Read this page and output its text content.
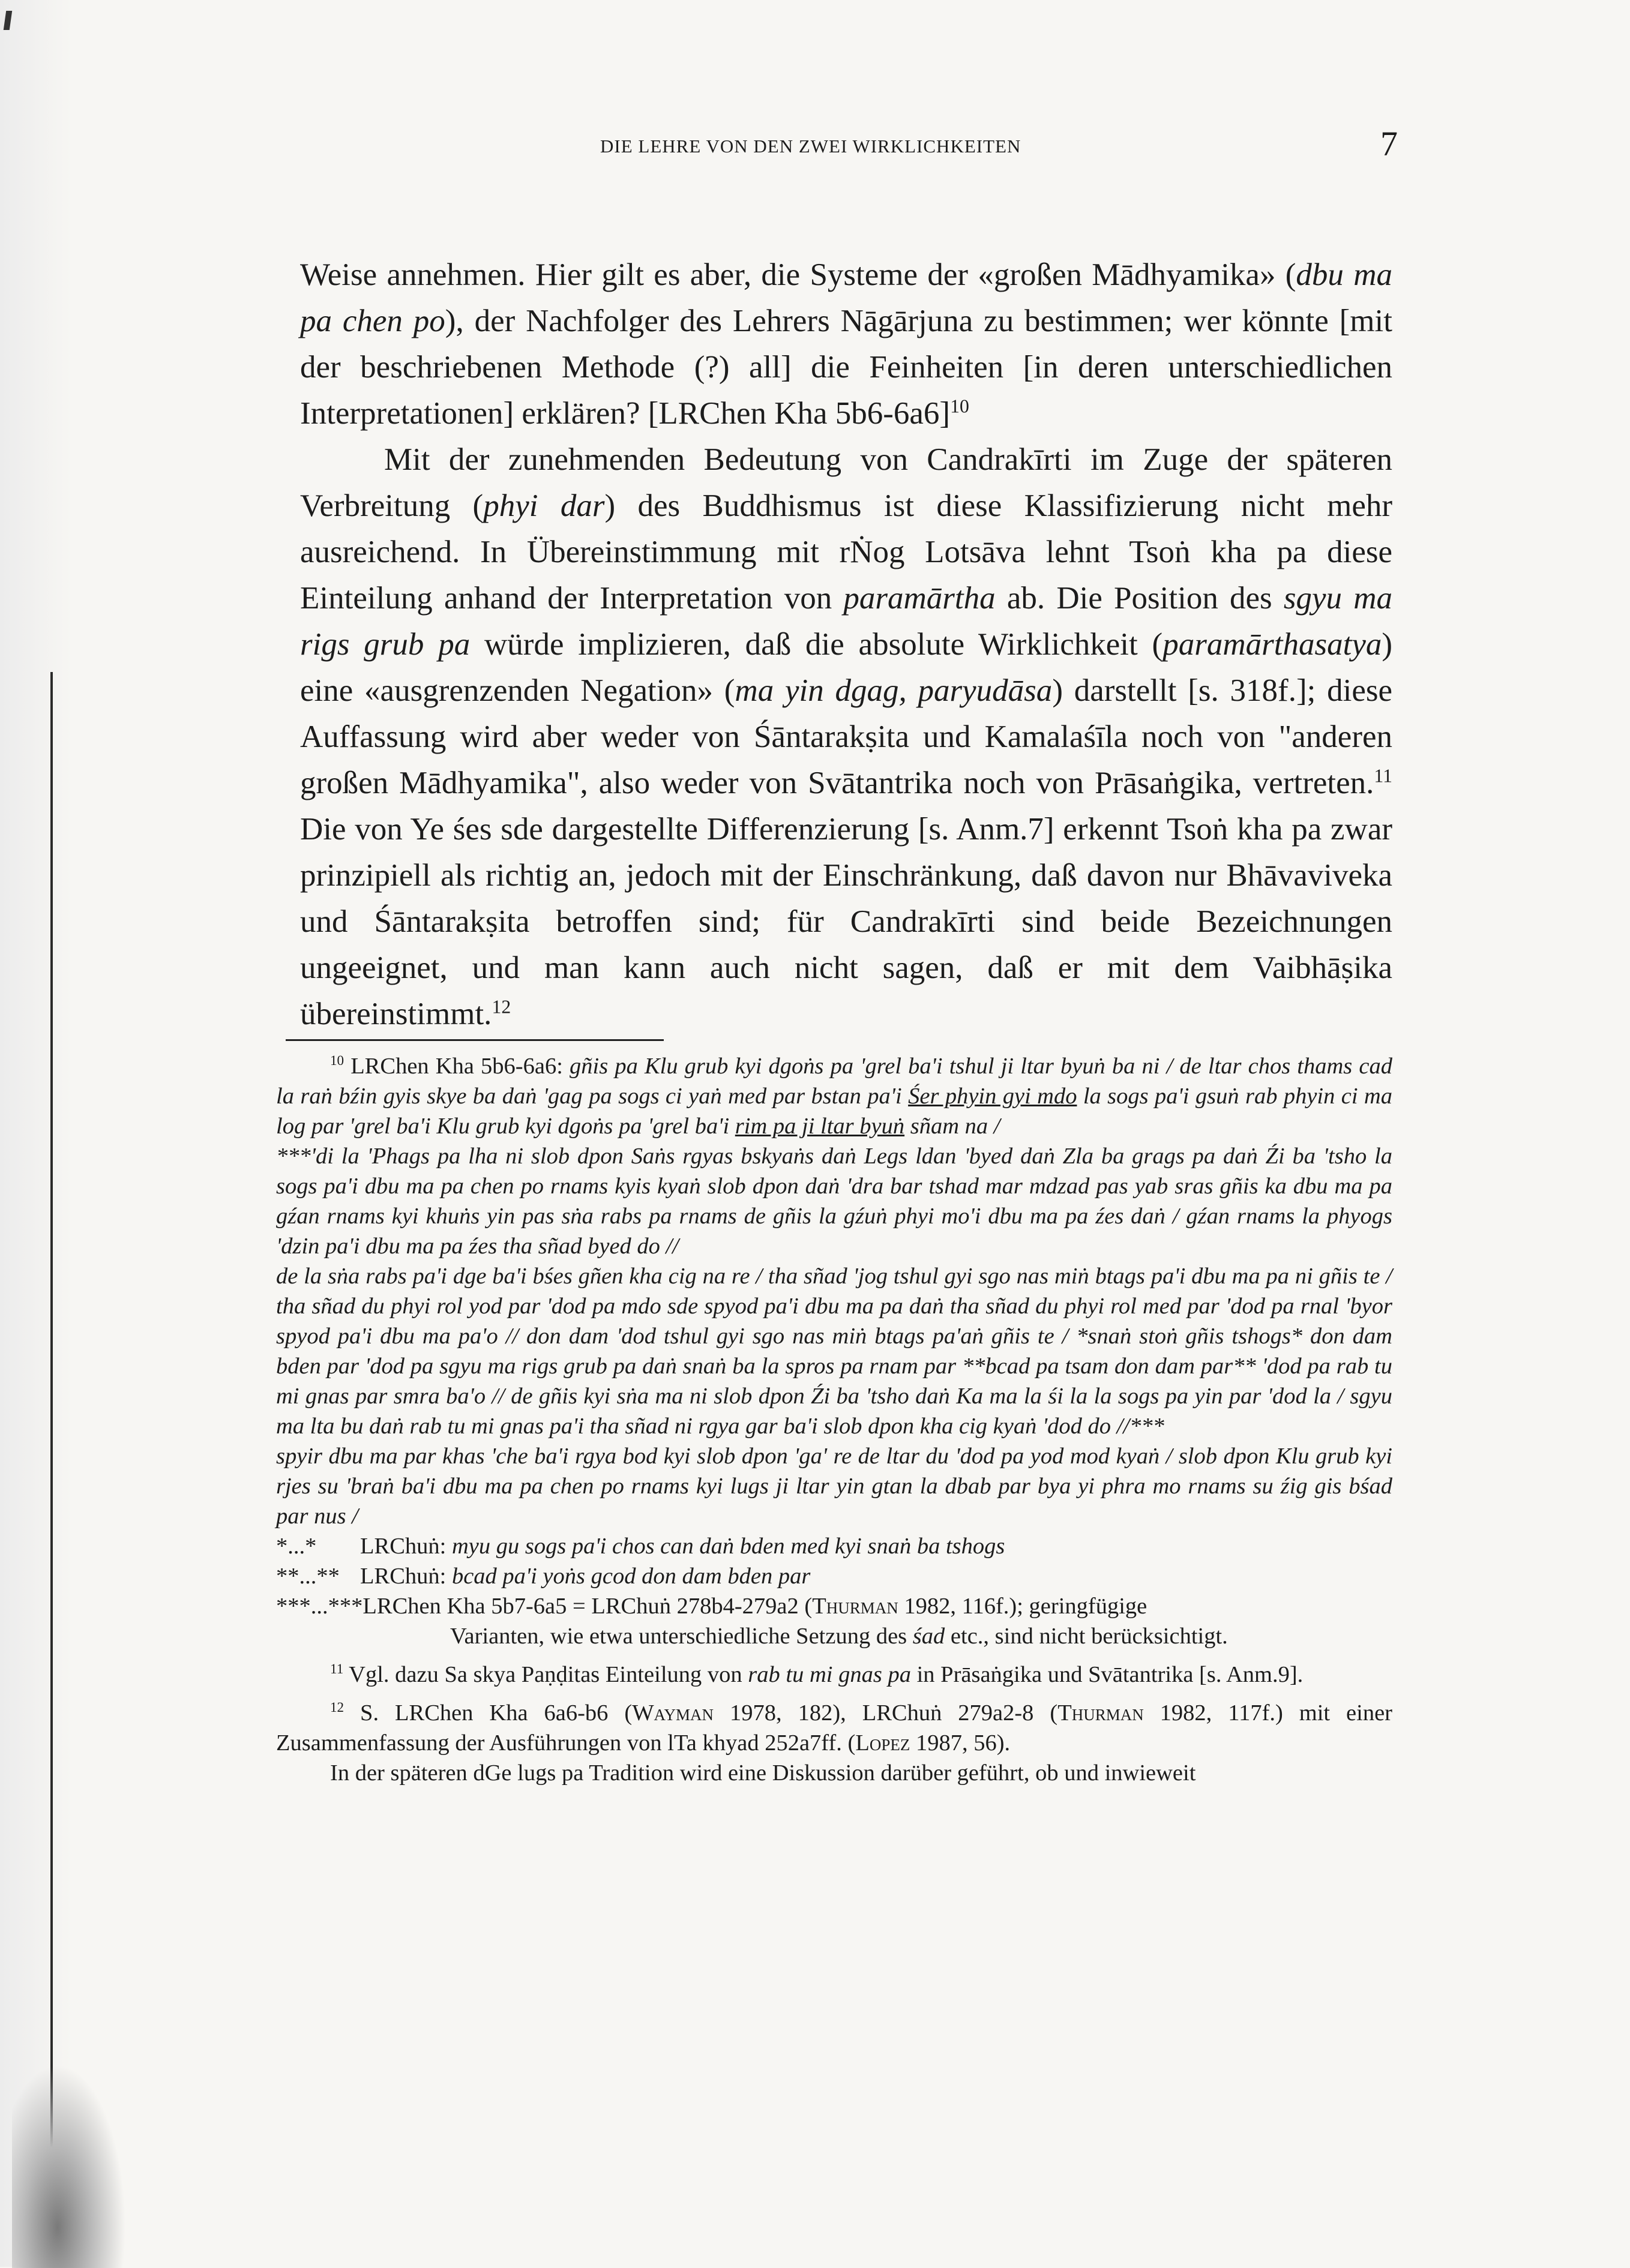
DIE LEHRE VON DEN ZWEI WIRKLICHKEITEN	7

Weise annehmen. Hier gilt es aber, die Systeme der «großen Mādhyamika» (dbu ma pa chen po), der Nachfolger des Lehrers Nāgārjuna zu bestimmen; wer könnte [mit der beschriebenen Methode (?) all] die Feinheiten [in deren unterschiedlichen Interpretationen] erklären? [LRChen Kha 5b6-6a6]$^{10}$

Mit der zunehmenden Bedeutung von Candrakīrti im Zuge der späteren Verbreitung (phyi dar) des Buddhismus ist diese Klassifizierung nicht mehr ausreichend. In Übereinstimmung mit rṄog Lotsāva lehnt Tsoṅ kha pa diese Einteilung anhand der Interpretation von paramārtha ab. Die Position des sgyu ma rigs grub pa würde implizieren, daß die absolute Wirklichkeit (paramārthasatya) eine «ausgrenzenden Negation» (ma yin dgag, paryudāsa) darstellt [s. 318f.]; diese Auffassung wird aber weder von Śāntarakṣita und Kamalaśīla noch von "anderen großen Mādhyamika", also weder von Svātantrika noch von Prāsaṅgika, vertreten.$^{11}$ Die von Ye śes sde dargestellte Differenzierung [s. Anm.7] erkennt Tsoṅ kha pa zwar prinzipiell als richtig an, jedoch mit der Einschränkung, daß davon nur Bhāvaviveka und Śāntarakṣita betroffen sind; für Candrakīrti sind beide Bezeichnungen ungeeignet, und man kann auch nicht sagen, daß er mit dem Vaibhāṣika übereinstimmt.$^{12}$

$^{10}$ LRChen Kha 5b6-6a6: gñis pa Klu grub kyi dgoṅs pa 'grel ba'i tshul ji ltar byuṅ ba ni / de ltar chos thams cad la raṅ bźin gyis skye ba daṅ 'gag pa sogs ci yaṅ med par bstan pa'i Śer phyin gyi mdo la sogs pa'i gsuṅ rab phyin ci ma log par 'grel ba'i Klu grub kyi dgoṅs pa 'grel ba'i rim pa ji ltar byuṅ sñam na /

***'di la 'Phags pa lha ni slob dpon Saṅs rgyas bskyaṅs daṅ Legs ldan 'byed daṅ Zla ba grags pa daṅ Źi ba 'tsho la sogs pa'i dbu ma pa chen po rnams kyis kyaṅ slob dpon daṅ 'dra bar tshad mar mdzad pas yab sras gñis ka dbu ma pa gźan rnams kyi khuṅs yin pas sṅa rabs pa rnams de gñis la gźuṅ phyi mo'i dbu ma pa źes daṅ / gźan rnams la phyogs 'dzin pa'i dbu ma pa źes tha sñad byed do //

de la sṅa rabs pa'i dge ba'i bśes gñen kha cig na re / tha sñad 'jog tshul gyi sgo nas miṅ btags pa'i dbu ma pa ni gñis te / tha sñad du phyi rol yod par 'dod pa mdo sde spyod pa'i dbu ma pa daṅ tha sñad du phyi rol med par 'dod pa rnal 'byor spyod pa'i dbu ma pa'o // don dam 'dod tshul gyi sgo nas miṅ btags pa'aṅ gñis te / *snaṅ stoṅ gñis tshogs* don dam bden par 'dod pa sgyu ma rigs grub pa daṅ snaṅ ba la spros pa rnam par **bcad pa tsam don dam par** 'dod pa rab tu mi gnas par smra ba'o // de gñis kyi sṅa ma ni slob dpon Źi ba 'tsho daṅ Ka ma la śi la la sogs pa yin par 'dod la / sgyu ma lta bu daṅ rab tu mi gnas pa'i tha sñad ni rgya gar ba'i slob dpon kha cig kyaṅ 'dod do //***

spyir dbu ma par khas 'che ba'i rgya bod kyi slob dpon 'ga' re de ltar du 'dod pa yod mod kyaṅ / slob dpon Klu grub kyi rjes su 'braṅ ba'i dbu ma pa chen po rnams kyi lugs ji ltar yin gtan la dbab par bya yi phra mo rnams su źig gis bśad par nus /

*...* LRChuṅ: myu gu sogs pa'i chos can daṅ bden med kyi snaṅ ba tshogs

**...** LRChuṅ: bcad pa'i yoṅs gcod don dam bden par

***...***LRChen Kha 5b7-6a5 = LRChuṅ 278b4-279a2 (Thurman 1982, 116f.); geringfügige

Varianten, wie etwa unterschiedliche Setzung des śad etc., sind nicht berücksichtigt.

$^{11}$ Vgl. dazu Sa skya Paṇḍitas Einteilung von rab tu mi gnas pa in Prāsaṅgika und Svātantrika [s. Anm.9].

$^{12}$ S. LRChen Kha 6a6-b6 (Wayman 1978, 182), LRChuṅ 279a2-8 (Thurman 1982, 117f.) mit einer Zusammenfassung der Ausführungen von lTa khyad 252a7ff. (Lopez 1987, 56).

In der späteren dGe lugs pa Tradition wird eine Diskussion darüber geführt, ob und inwieweit
